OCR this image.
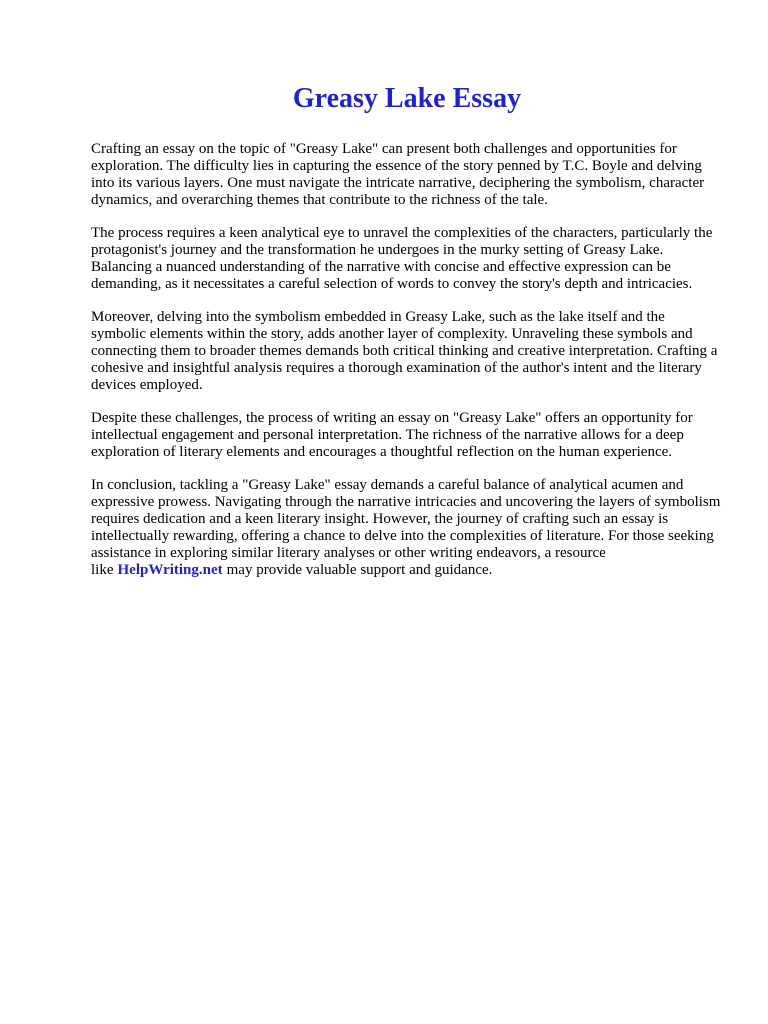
Greasy Lake Essay

Crafting an essay on the topic of "Greasy Lake" can present both challenges and opportunities for exploration. The difficulty lies in capturing the essence of the story penned by T.C. Boyle and delving into its various layers. One must navigate the intricate narrative, deciphering the symbolism, character dynamics, and overarching themes that contribute to the richness of the tale.

The process requires a keen analytical eye to unravel the complexities of the characters, particularly the protagonist's journey and the transformation he undergoes in the murky setting of Greasy Lake. Balancing a nuanced understanding of the narrative with concise and effective expression can be demanding, as it necessitates a careful selection of words to convey the story's depth and intricacies.

Moreover, delving into the symbolism embedded in Greasy Lake, such as the lake itself and the symbolic elements within the story, adds another layer of complexity. Unraveling these symbols and connecting them to broader themes demands both critical thinking and creative interpretation. Crafting a cohesive and insightful analysis requires a thorough examination of the author's intent and the literary devices employed.

Despite these challenges, the process of writing an essay on "Greasy Lake" offers an opportunity for intellectual engagement and personal interpretation. The richness of the narrative allows for a deep exploration of literary elements and encourages a thoughtful reflection on the human experience.

In conclusion, tackling a "Greasy Lake" essay demands a careful balance of analytical acumen and expressive prowess. Navigating through the narrative intricacies and uncovering the layers of symbolism requires dedication and a keen literary insight. However, the journey of crafting such an essay is intellectually rewarding, offering a chance to delve into the complexities of literature. For those seeking assistance in exploring similar literary analyses or other writing endeavors, a resource like HelpWriting.net may provide valuable support and guidance.
